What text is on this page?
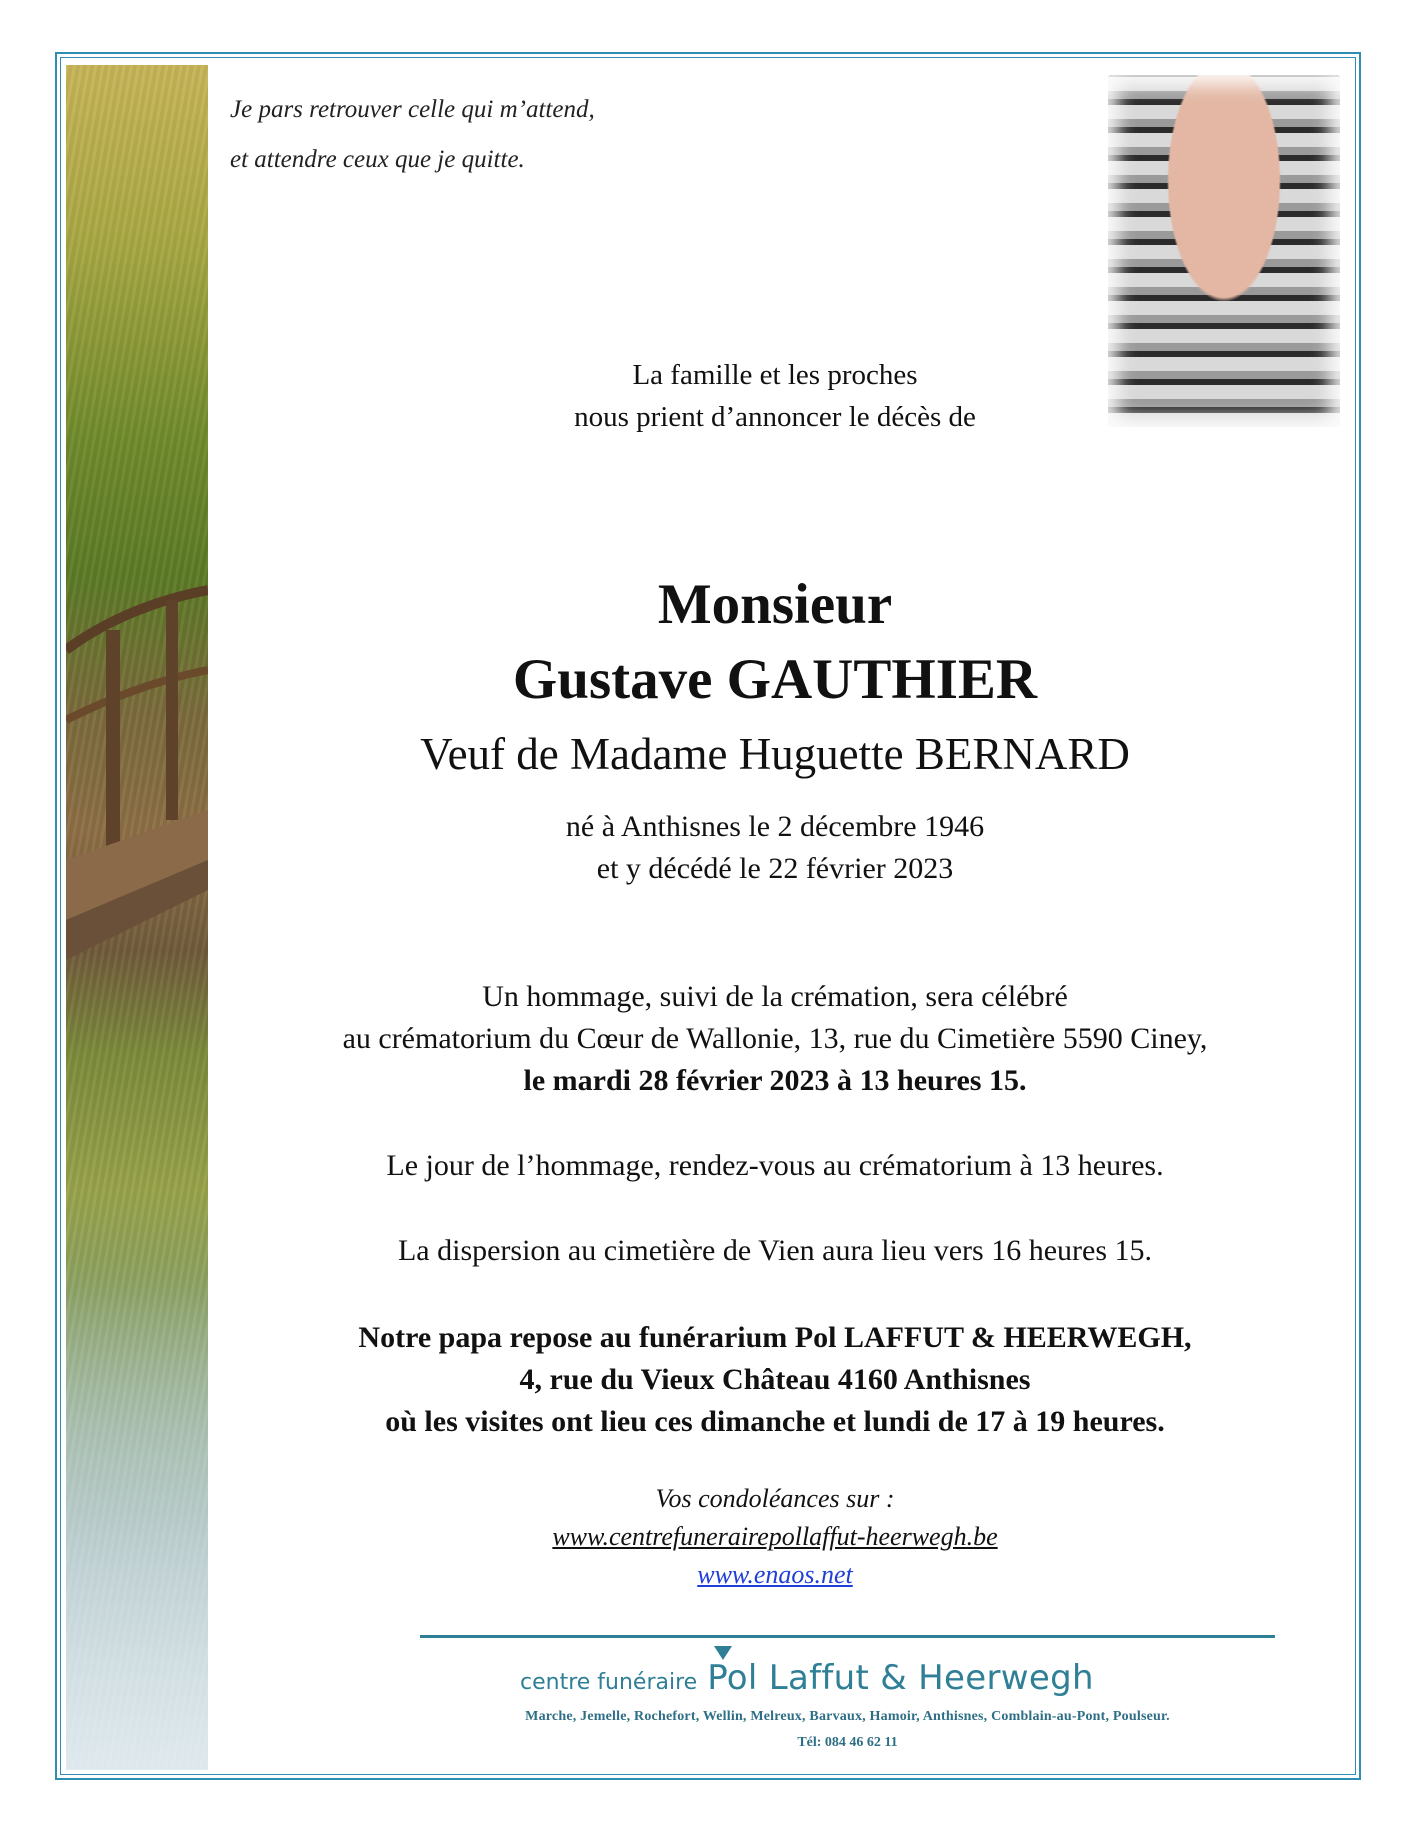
Je pars retrouver celle qui m’attend,
et attendre ceux que je quitte.
La famille et les proches
nous prient d’annoncer le décès de
Monsieur
Gustave GAUTHIER
Veuf de Madame Huguette BERNARD
né à Anthisnes le 2 décembre 1946
et y décédé le 22 février 2023
Un hommage, suivi de la crémation, sera célébré
au crématorium du Cœur de Wallonie, 13, rue du Cimetière 5590 Ciney,
le mardi 28 février 2023 à 13 heures 15.
Le jour de l’hommage, rendez-vous au crématorium à 13 heures.
La dispersion au cimetière de Vien aura lieu vers 16 heures 15.
Notre papa repose au funérarium Pol LAFFUT & HEERWEGH,
4, rue du Vieux Château 4160 Anthisnes
où les visites ont lieu ces dimanche et lundi de 17 à 19 heures.
Vos condoléances sur :
www.centrefunerairepollaffut-heerwegh.be
www.enaos.net
centre funéraire Pol Laffut & Heerwegh
Marche, Jemelle, Rochefort, Wellin, Melreux, Barvaux, Hamoir, Anthisnes, Comblain-au-Pont, Poulseur.
Tél: 084 46 62 11
